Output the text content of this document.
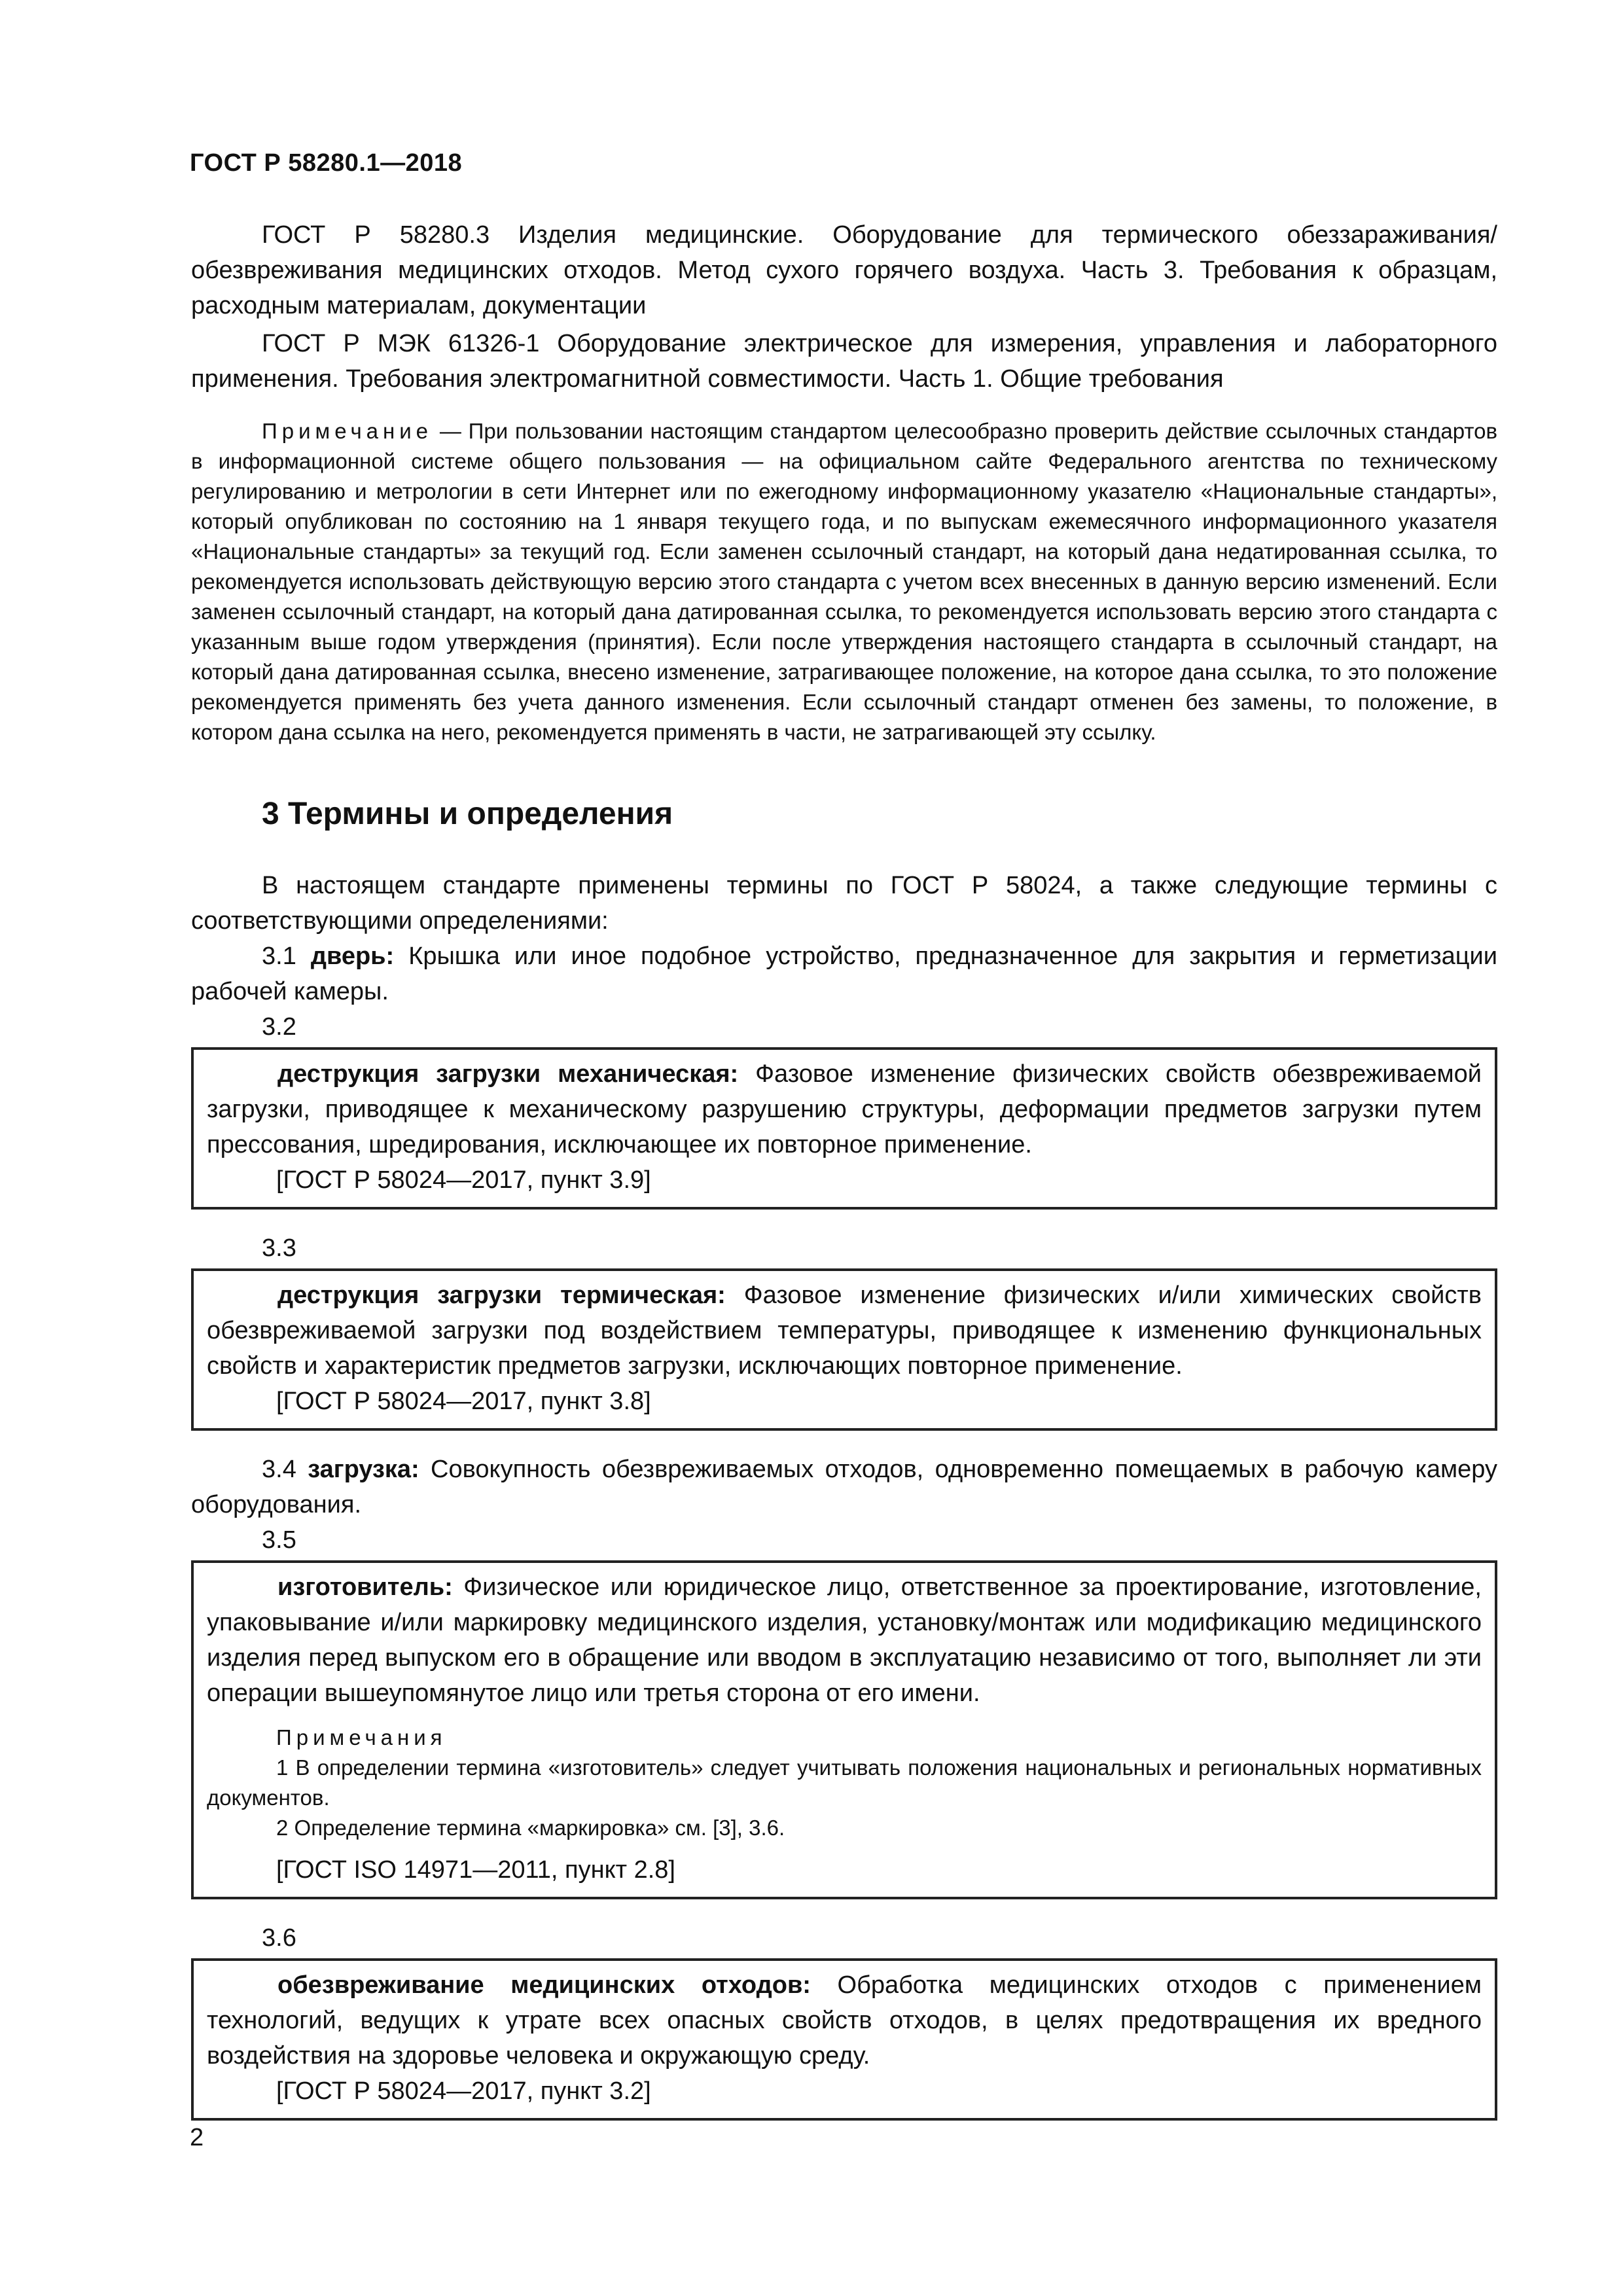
ГОСТ Р 58280.1—2018

ГОСТ Р 58280.3 Изделия медицинские. Оборудование для термического обеззараживания/обезвреживания медицинских отходов. Метод сухого горячего воздуха. Часть 3. Требования к образцам, расходным материалам, документации

ГОСТ Р МЭК 61326-1 Оборудование электрическое для измерения, управления и лабораторного применения. Требования электромагнитной совместимости. Часть 1. Общие требования

Примечание — При пользовании настоящим стандартом целесообразно проверить действие ссылочных стандартов в информационной системе общего пользования — на официальном сайте Федерального агентства по техническому регулированию и метрологии в сети Интернет или по ежегодному информационному указателю «Национальные стандарты», который опубликован по состоянию на 1 января текущего года, и по выпускам ежемесячного информационного указателя «Национальные стандарты» за текущий год. Если заменен ссылочный стандарт, на который дана недатированная ссылка, то рекомендуется использовать действующую версию этого стандарта с учетом всех внесенных в данную версию изменений. Если заменен ссылочный стандарт, на который дана датированная ссылка, то рекомендуется использовать версию этого стандарта с указанным выше годом утверждения (принятия). Если после утверждения настоящего стандарта в ссылочный стандарт, на который дана датированная ссылка, внесено изменение, затрагивающее положение, на которое дана ссылка, то это положение рекомендуется применять без учета данного изменения. Если ссылочный стандарт отменен без замены, то положение, в котором дана ссылка на него, рекомендуется применять в части, не затрагивающей эту ссылку.

3 Термины и определения

В настоящем стандарте применены термины по ГОСТ Р 58024, а также следующие термины с соответствующими определениями:

3.1 дверь: Крышка или иное подобное устройство, предназначенное для закрытия и герметизации рабочей камеры.

3.2

деструкция загрузки механическая: Фазовое изменение физических свойств обезвреживаемой загрузки, приводящее к механическому разрушению структуры, деформации предметов загрузки путем прессования, шредирования, исключающее их повторное применение.

[ГОСТ Р 58024—2017, пункт 3.9]

3.3

деструкция загрузки термическая: Фазовое изменение физических и/или химических свойств обезвреживаемой загрузки под воздействием температуры, приводящее к изменению функциональных свойств и характеристик предметов загрузки, исключающих повторное применение.

[ГОСТ Р 58024—2017, пункт 3.8]

3.4 загрузка: Совокупность обезвреживаемых отходов, одновременно помещаемых в рабочую камеру оборудования.

3.5

изготовитель: Физическое или юридическое лицо, ответственное за проектирование, изготовление, упаковывание и/или маркировку медицинского изделия, установку/монтаж или модификацию медицинского изделия перед выпуском его в обращение или вводом в эксплуатацию независимо от того, выполняет ли эти операции вышеупомянутое лицо или третья сторона от его имени.

Примечания

1 В определении термина «изготовитель» следует учитывать положения национальных и региональных нормативных документов.

2 Определение термина «маркировка» см. [3], 3.6.

[ГОСТ ISO 14971—2011, пункт 2.8]

3.6

обезвреживание медицинских отходов: Обработка медицинских отходов с применением технологий, ведущих к утрате всех опасных свойств отходов, в целях предотвращения их вредного воздействия на здоровье человека и окружающую среду.

[ГОСТ Р 58024—2017, пункт 3.2]

2
